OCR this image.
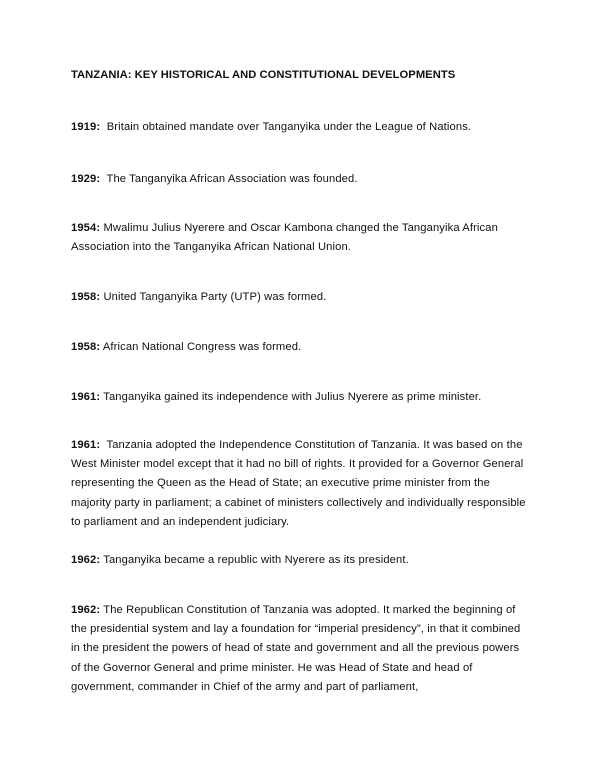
TANZANIA: KEY HISTORICAL AND CONSTITUTIONAL DEVELOPMENTS
1919: Britain obtained mandate over Tanganyika under the League of Nations.
1929: The Tanganyika African Association was founded.
1954: Mwalimu Julius Nyerere and Oscar Kambona changed the Tanganyika African Association into the Tanganyika African National Union.
1958: United Tanganyika Party (UTP) was formed.
1958: African National Congress was formed.
1961: Tanganyika gained its independence with Julius Nyerere as prime minister.
1961: Tanzania adopted the Independence Constitution of Tanzania. It was based on the West Minister model except that it had no bill of rights. It provided for a Governor General representing the Queen as the Head of State; an executive prime minister from the majority party in parliament; a cabinet of ministers collectively and individually responsible to parliament and an independent judiciary.
1962: Tanganyika became a republic with Nyerere as its president.
1962: The Republican Constitution of Tanzania was adopted. It marked the beginning of the presidential system and lay a foundation for “imperial presidency”, in that it combined in the president the powers of head of state and government and all the previous powers of the Governor General and prime minister. He was Head of State and head of government, commander in Chief of the army and part of parliament,
